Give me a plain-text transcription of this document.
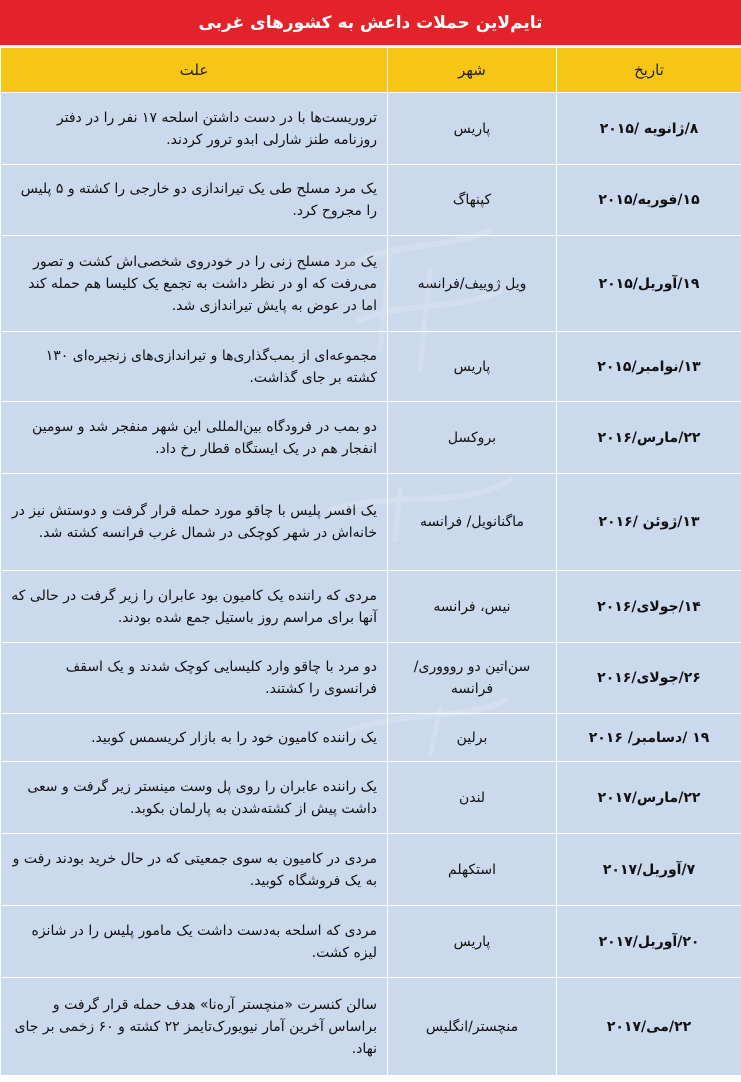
تایم‌لاین حملات داعش به کشورهای غربی
تاریخ	شهر	علت
۸/ژانویه /۲۰۱۵	پاریس	تروریست‌ها با در دست داشتن اسلحه ۱۷ نفر را در دفتر روزنامه طنز شارلی ابدو ترور کردند.
۱۵/فوریه/۲۰۱۵	کپنهاگ	یک مرد مسلح طی یک تیراندازی دو خارجی را کشته و ۵ پلیس را مجروح کرد.
۱۹/آوریل/۲۰۱۵	ویل ژوییف/فرانسه	یک مرد مسلح زنی را در خودروی شخصی‌اش کشت و تصور می‌رفت که او در نظر داشت به تجمع یک کلیسا هم حمله کند اما در عوض به پایش تیراندازی شد.
۱۳/نوامبر/۲۰۱۵	پاریس	مجموعه‌ای از بمب‌گذاری‌ها و تیراندازی‌های زنجیره‌ای ۱۳۰ کشته بر جای گذاشت.
۲۲/مارس/۲۰۱۶	بروکسل	دو بمب در فرودگاه بین‌المللی این شهر منفجر شد و سومین انفجار هم در یک ایستگاه قطار رخ داد.
۱۳/ژوئن /۲۰۱۶	ماگنانویل/ فرانسه	یک افسر پلیس با چاقو مورد حمله قرار گرفت و دوستش نیز در خانه‌اش در شهر کوچکی در شمال غرب فرانسه کشته شد.
۱۴/جولای/۲۰۱۶	نیس، فرانسه	مردی که راننده یک کامیون بود عابران را زیر گرفت در حالی که آنها برای مراسم روز باستیل جمع شده بودند.
۲۶/جولای/۲۰۱۶	سن‌اتین دو روووری/ فرانسه	دو مرد با چاقو وارد کلیسایی کوچک شدند و یک اسقف فرانسوی را کشتند.
۱۹ /دسامبر/ ۲۰۱۶	برلین	یک راننده کامیون خود را به بازار کریسمس کوبید.
۲۲/مارس/۲۰۱۷	لندن	یک راننده عابران را روی پل وست مینستر زیر گرفت و سعی داشت پیش از کشته‌شدن به پارلمان بکوبد.
۷/آوریل/۲۰۱۷	استکهلم	مردی در کامیون به سوی جمعیتی که در حال خرید بودند رفت و به یک فروشگاه کوبید.
۲۰/آوریل/۲۰۱۷	پاریس	مردی که اسلحه به‌دست داشت یک مامور پلیس را در شانزه لیزه کشت.
۲۲/می/۲۰۱۷	منچستر/انگلیس	سالن کنسرت «منچستر آره‌نا» هدف حمله قرار گرفت و براساس آخرین آمار نیویورک‌تایمز ۲۲ کشته و ۶۰ زخمی بر جای نهاد.
